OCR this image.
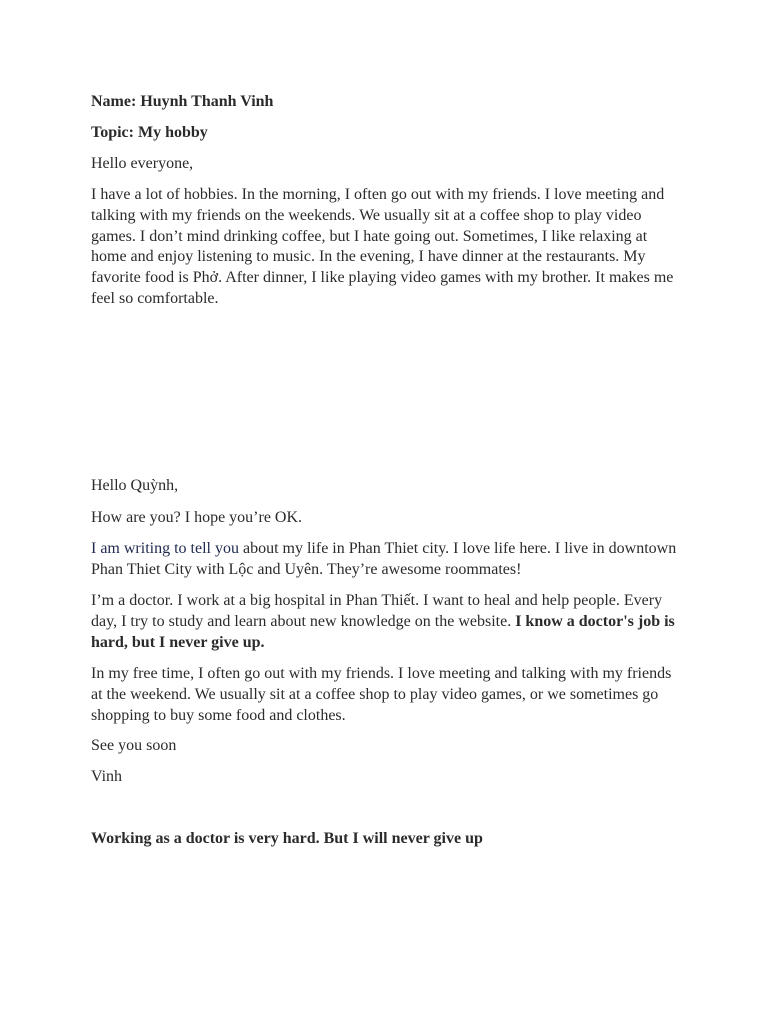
Name: Huynh Thanh Vinh

Topic: My hobby

Hello everyone,

I have a lot of hobbies. In the morning, I often go out with my friends. I love meeting and talking with my friends on the weekends. We usually sit at a coffee shop to play video games. I don’t mind drinking coffee, but I hate going out. Sometimes, I like relaxing at home and enjoy listening to music. In the evening, I have dinner at the restaurants. My favorite food is Phở. After dinner, I like playing video games with my brother. It makes me feel so comfortable.

Hello Quỳnh,

How are you? I hope you’re OK.

I am writing to tell you about my life in Phan Thiet city. I love life here. I live in downtown Phan Thiet City with Lộc and Uyên. They’re awesome roommates!

I’m a doctor. I work at a big hospital in Phan Thiết. I want to heal and help people. Every day, I try to study and learn about new knowledge on the website. I know a doctor's job is hard, but I never give up.

In my free time, I often go out with my friends. I love meeting and talking with my friends at the weekend. We usually sit at a coffee shop to play video games, or we sometimes go shopping to buy some food and clothes.

See you soon

Vinh

Working as a doctor is very hard. But I will never give up
